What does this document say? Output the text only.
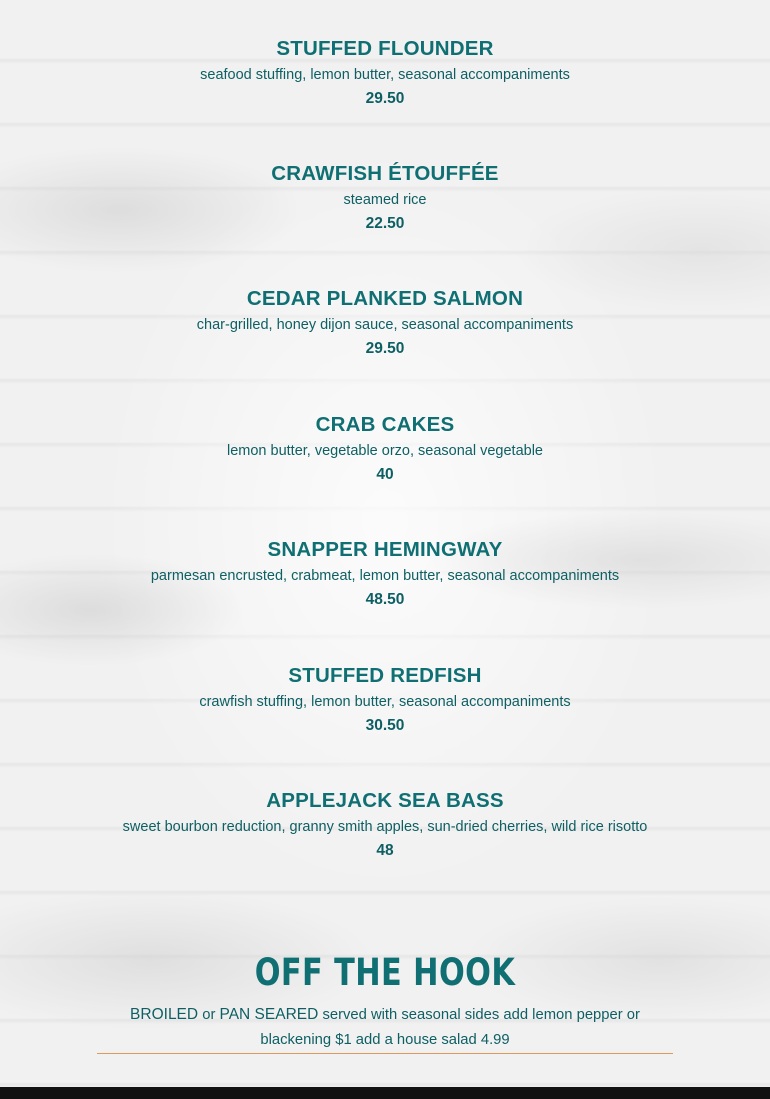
STUFFED FLOUNDER
seafood stuffing, lemon butter, seasonal accompaniments
29.50
CRAWFISH ÉTOUFFÉE
steamed rice
22.50
CEDAR PLANKED SALMON
char-grilled, honey dijon sauce, seasonal accompaniments
29.50
CRAB CAKES
lemon butter, vegetable orzo, seasonal vegetable
40
SNAPPER HEMINGWAY
parmesan encrusted, crabmeat, lemon butter, seasonal accompaniments
48.50
STUFFED REDFISH
crawfish stuffing, lemon butter, seasonal accompaniments
30.50
APPLEJACK SEA BASS
sweet bourbon reduction, granny smith apples, sun-dried cherries, wild rice risotto
48
OFF THE HOOK
BROILED or PAN SEARED served with seasonal sides add lemon pepper or blackening $1 add a house salad 4.99
